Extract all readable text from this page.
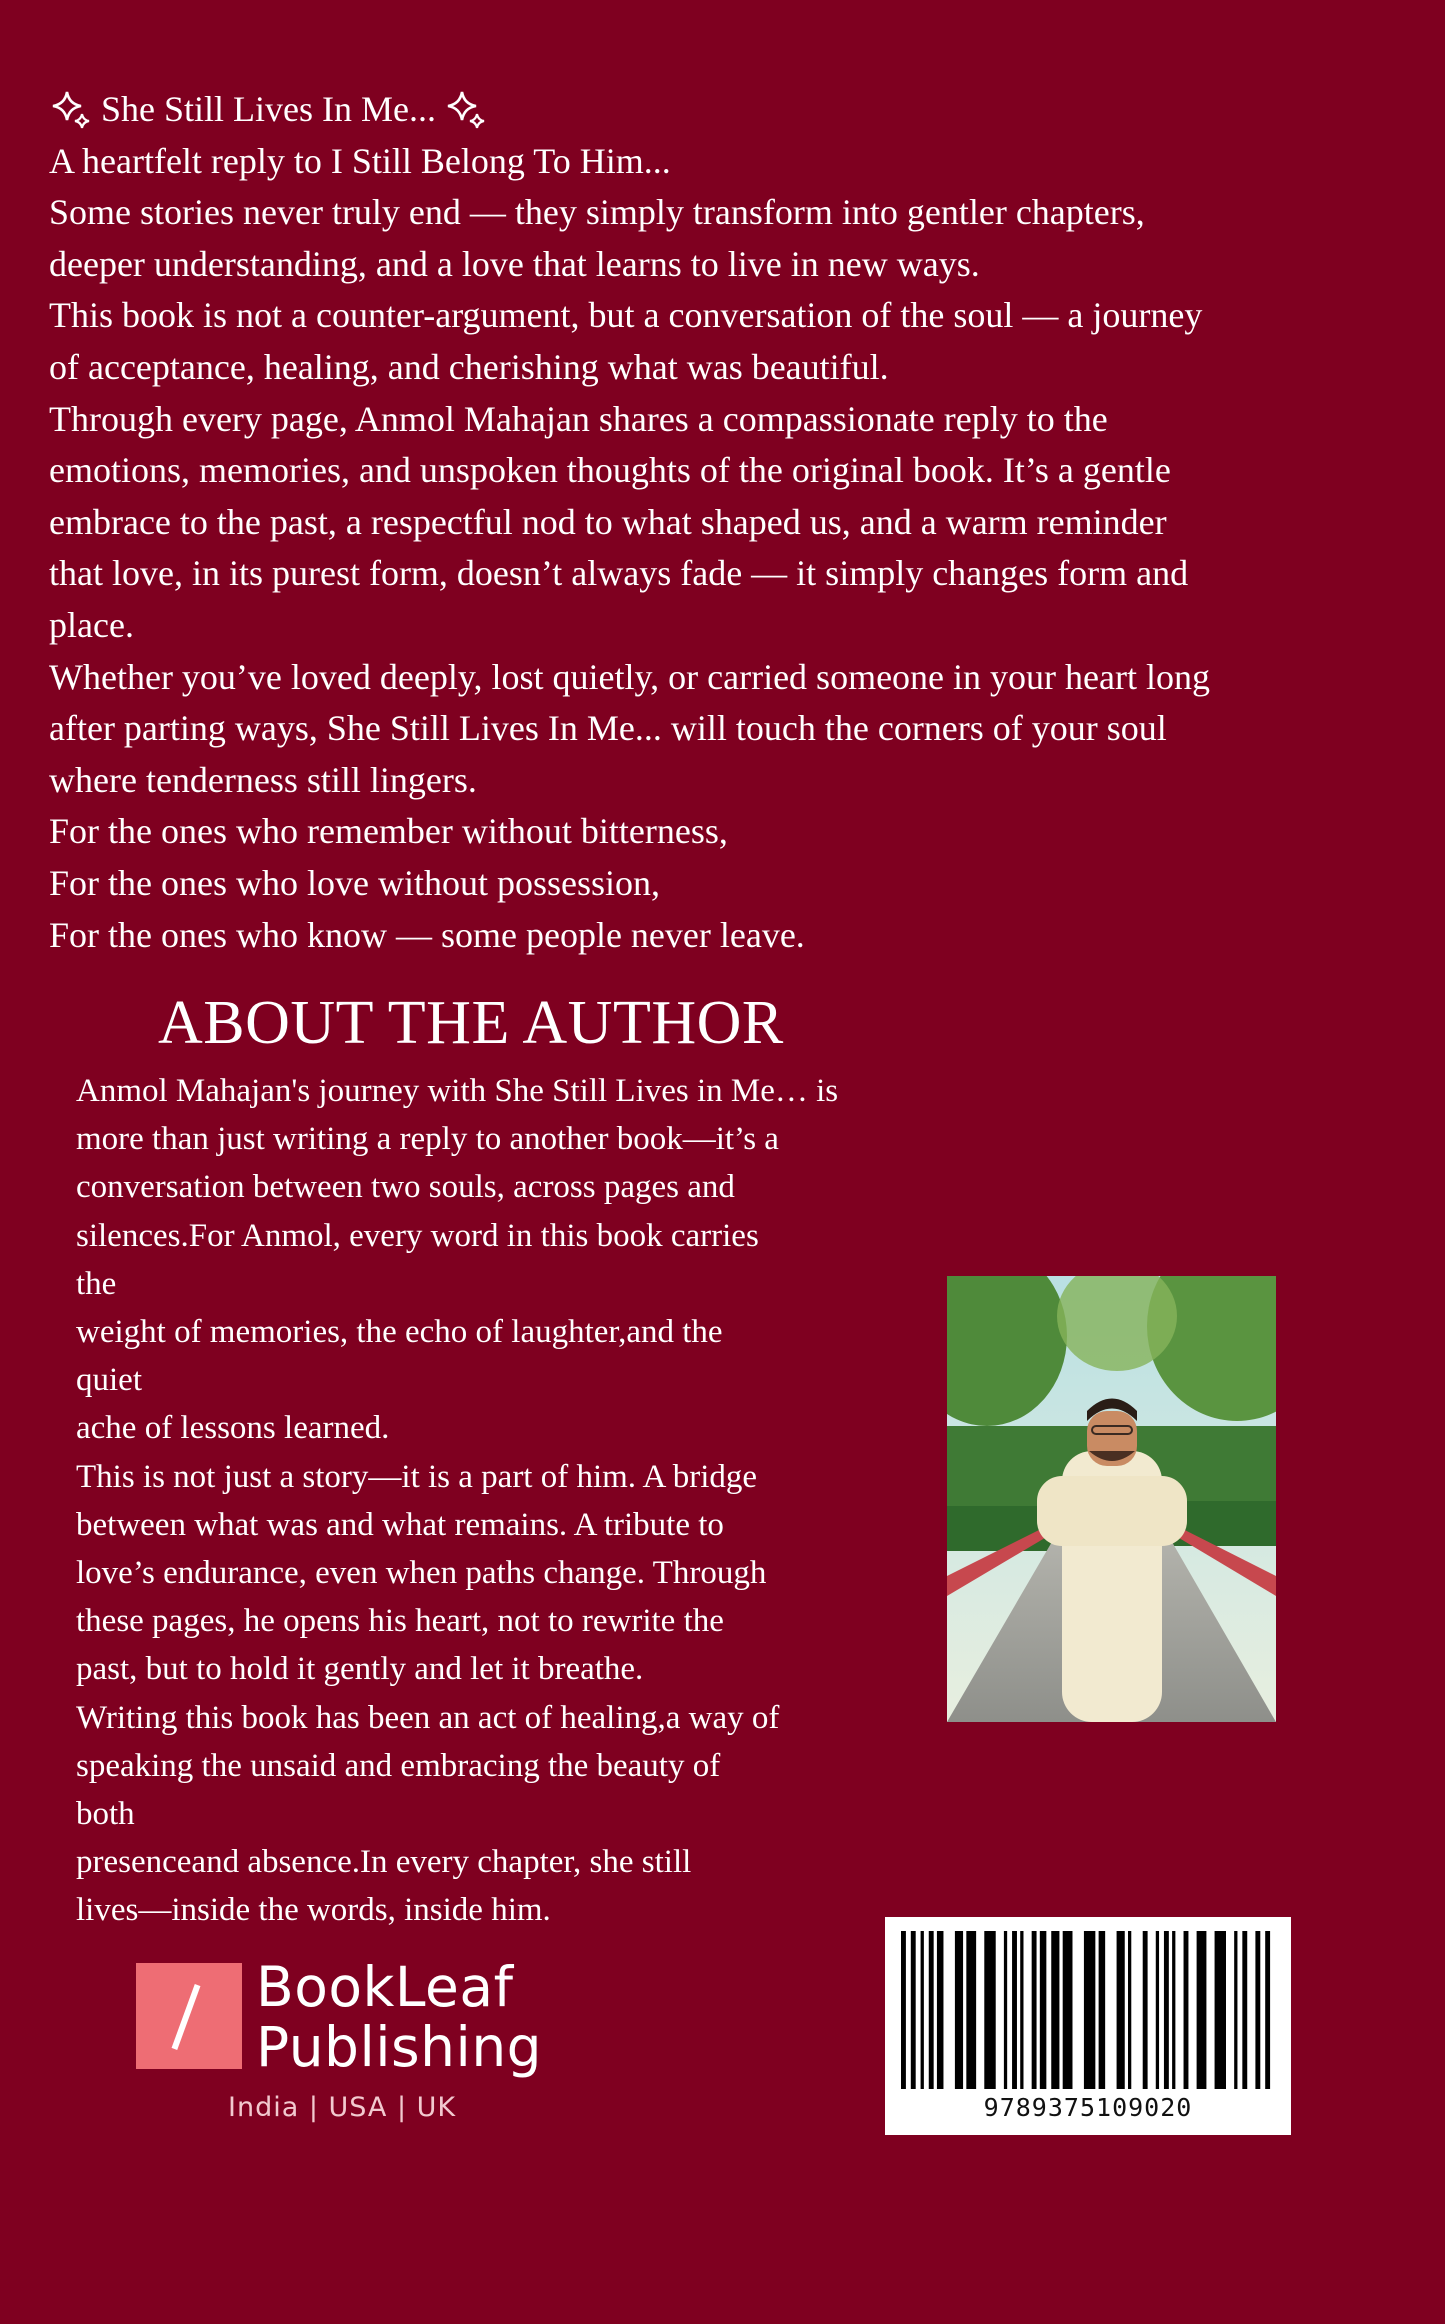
She Still Lives In Me...

A heartfelt reply to I Still Belong To Him...

Some stories never truly end — they simply transform into gentler chapters,
deeper understanding, and a love that learns to live in new ways.

This book is not a counter-argument, but a conversation of the soul — a journey
of acceptance, healing, and cherishing what was beautiful.

Through every page, Anmol Mahajan shares a compassionate reply to the
emotions, memories, and unspoken thoughts of the original book. It’s a gentle
embrace to the past, a respectful nod to what shaped us, and a warm reminder
that love, in its purest form, doesn’t always fade — it simply changes form and
place.

Whether you’ve loved deeply, lost quietly, or carried someone in your heart long
after parting ways, She Still Lives In Me... will touch the corners of your soul
where tenderness still lingers.

For the ones who remember without bitterness,

For the ones who love without possession,

For the ones who know — some people never leave.

ABOUT THE AUTHOR

Anmol Mahajan's journey with She Still Lives in Me… is
more than just writing a reply to another book—it’s a
conversation between two souls, across pages and
silences.For Anmol, every word in this book carries
the
weight of memories, the echo of laughter,and the
quiet
ache of lessons learned.

This is not just a story—it is a part of him. A bridge
between what was and what remains. A tribute to
love’s endurance, even when paths change. Through
these pages, he opens his heart, not to rewrite the
past, but to hold it gently and let it breathe.

Writing this book has been an act of healing,a way of
speaking the unsaid and embracing the beauty of
both
presenceand absence.In every chapter, she still
lives—inside the words, inside him.

BookLeaf
Publishing
India | USA | UK	9789375109020
